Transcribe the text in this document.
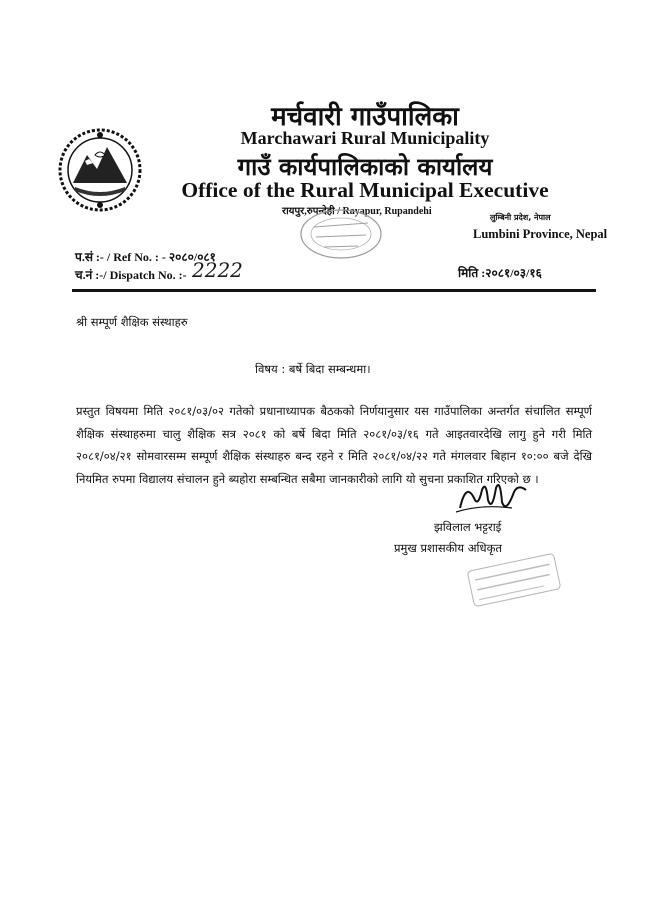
मर्चवारी गाउँपालिका
Marchawari Rural Municipality
गाउँ कार्यपालिकाको कार्यालय
Office of the Rural Municipal Executive
रायपुर,रुपन्देही / Rayapur, Rupandehi
लुम्बिनी प्रदेश, नेपाल
Lumbini Province, Nepal
प.सं :- / Ref No. : - २०८०/०८१
च.नं :-/ Dispatch No. :- 2222	मिति :२०८१/०३/१६
श्री सम्पूर्ण शैक्षिक संस्थाहरु
विषय : बर्षे बिदा सम्बन्धमा।
प्रस्तुत विषयमा मिति २०८१/०३/०२ गतेको प्रधानाध्यापक बैठकको निर्णयानुसार यस गाउँपालिका अन्तर्गत संचालित सम्पूर्ण शैक्षिक संस्थाहरुमा चालु शैक्षिक सत्र २०८१ को बर्षे बिदा मिति २०८१/०३/१६ गते आइतवारदेखि लागु हुने गरी मिति २०८१/०४/२१ सोमवारसम्म सम्पूर्ण शैक्षिक संस्थाहरु बन्द रहने र मिति २०८१/०४/२२ गते मंगलवार बिहान १०:०० बजे देखि नियमित रुपमा विद्यालय संचालन हुने ब्यहोरा सम्बन्धित सबैमा जानकारीको लागि यो सुचना प्रकाशित गरिएको छ ।
झविलाल भट्टराई
प्रमुख प्रशासकीय अधिकृत
